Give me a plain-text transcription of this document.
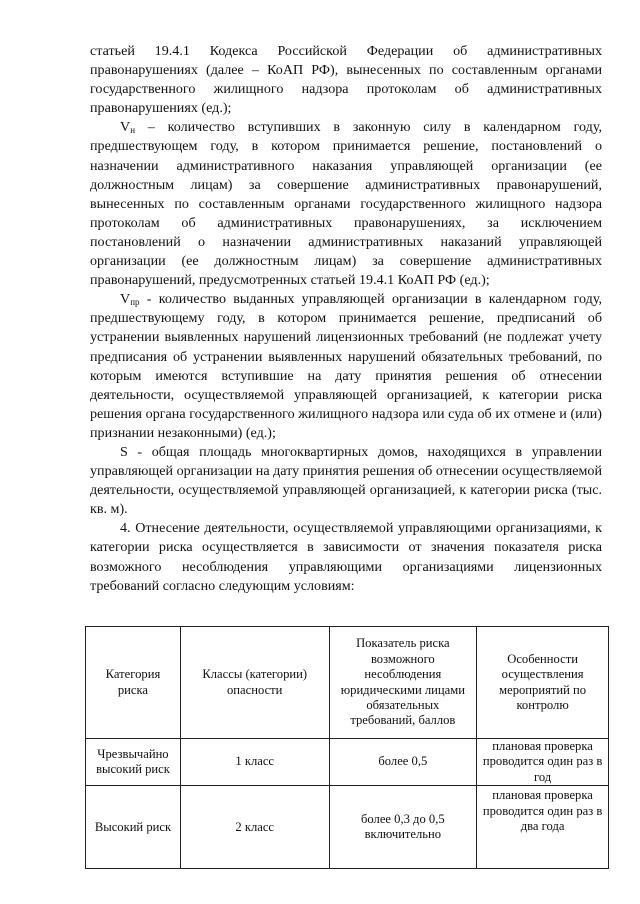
статьей 19.4.1 Кодекса Российской Федерации об административных правонарушениях (далее – КоАП РФ), вынесенных по составленным органами государственного жилищного надзора протоколам об административных правонарушениях (ед.);

$V_н$ – количество вступивших в законную силу в календарном году, предшествующем году, в котором принимается решение, постановлений о назначении административного наказания управляющей организации (ее должностным лицам) за совершение административных правонарушений, вынесенных по составленным органами государственного жилищного надзора протоколам об административных правонарушениях, за исключением постановлений о назначении административных наказаний управляющей организации (ее должностным лицам) за совершение административных правонарушений, предусмотренных статьей 19.4.1 КоАП РФ (ед.);

$V_{пр}$ - количество выданных управляющей организации в календарном году, предшествующему году, в котором принимается решение, предписаний об устранении выявленных нарушений лицензионных требований (не подлежат учету предписания об устранении выявленных нарушений обязательных требований, по которым имеются вступившие на дату принятия решения об отнесении деятельности, осуществляемой управляющей организацией, к категории риска решения органа государственного жилищного надзора или суда об их отмене и (или) признании незаконными) (ед.);

S - общая площадь многоквартирных домов, находящихся в управлении управляющей организации на дату принятия решения об отнесении осуществляемой деятельности, осуществляемой управляющей организацией, к категории риска (тыс. кв. м).

4. Отнесение деятельности, осуществляемой управляющими организациями, к категории риска осуществляется в зависимости от значения показателя риска возможного несоблюдения управляющими организациями лицензионных требований согласно следующим условиям:

Категория риска	Классы (категории) опасности	Показатель риска возможного несоблюдения юридическими лицами обязательных требований, баллов	Особенности осуществления мероприятий по контролю
Чрезвычайно высокий риск	1 класс	более 0,5	плановая проверка проводится один раз в год
Высокий риск	2 класс	более 0,3 до 0,5 включительно	плановая проверка проводится один раз в два года
